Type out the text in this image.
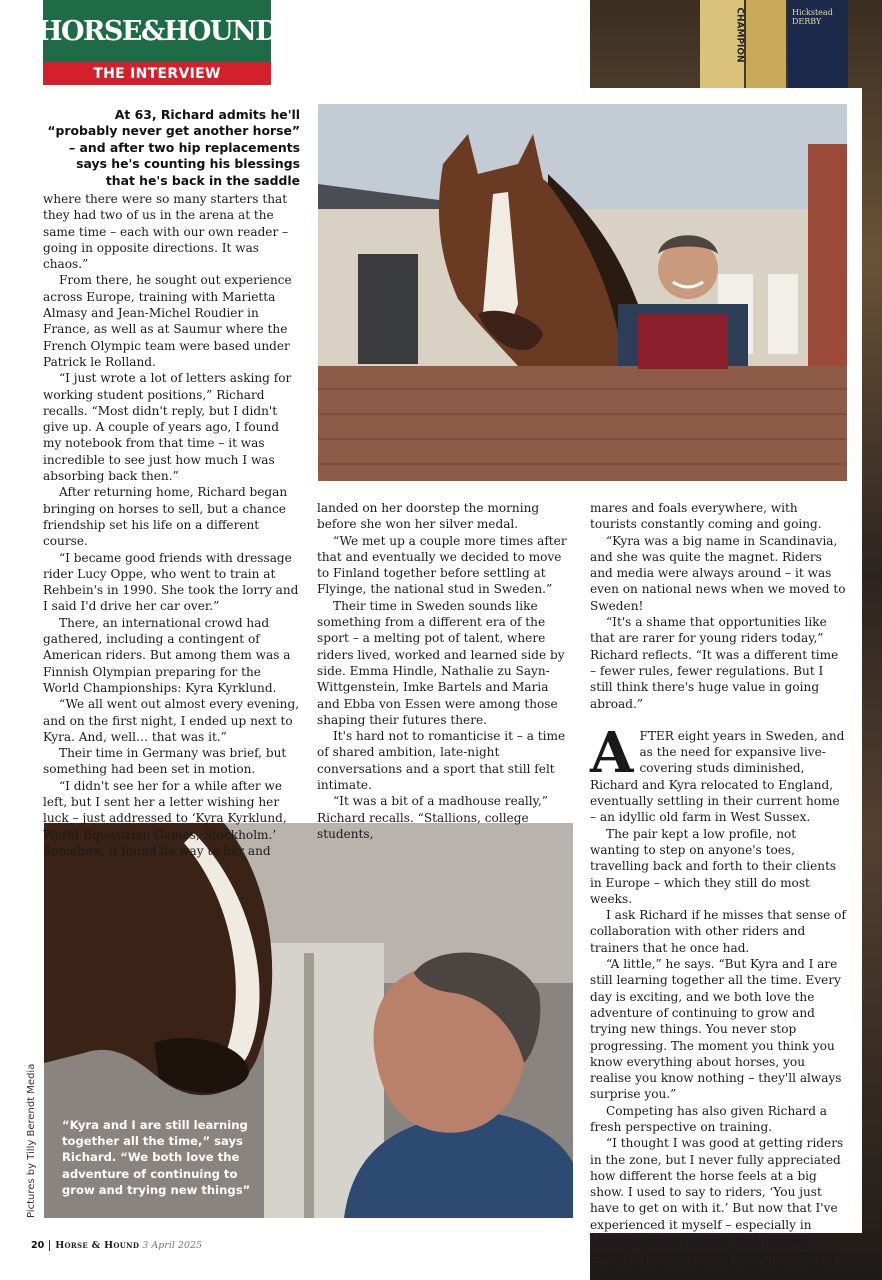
CHAMPION	Hickstead DERBY
HORSE&HOUND
THE INTERVIEW
At 63, Richard admits he'll “probably never get another horse” – and after two hip replacements says he's counting his blessings that he's back in the saddle
“Kyra and I are still learning together all the time,” says Richard. “We both love the adventure of continuing to grow and trying new things”
Pictures by Tilly Berendt Media

where there were so many starters that they had two of us in the arena at the same time – each with our own reader – going in opposite directions. It was chaos.”

From there, he sought out experience across Europe, training with Marietta Almasy and Jean-Michel Roudier in France, as well as at Saumur where the French Olympic team were based under Patrick le Rolland.

“I just wrote a lot of letters asking for working student positions,” Richard recalls. “Most didn't reply, but I didn't give up. A couple of years ago, I found my notebook from that time – it was incredible to see just how much I was absorbing back then.”

After returning home, Richard began bringing on horses to sell, but a chance friendship set his life on a different course.

“I became good friends with dressage rider Lucy Oppe, who went to train at Rehbein's in 1990. She took the lorry and I said I'd drive her car over.”

There, an international crowd had gathered, including a contingent of American riders. But among them was a Finnish Olympian preparing for the World Championships: Kyra Kyrklund.

“We all went out almost every evening, and on the first night, I ended up next to Kyra. And, well… that was it.”

Their time in Germany was brief, but something had been set in motion.

“I didn't see her for a while after we left, but I sent her a letter wishing her luck – just addressed to ‘Kyra Kyrklund, World Equestrian Games, Stockholm.’ Somehow, it found its way to her and

landed on her doorstep the morning before she won her silver medal.

“We met up a couple more times after that and eventually we decided to move to Finland together before settling at Flyinge, the national stud in Sweden.”

Their time in Sweden sounds like something from a different era of the sport – a melting pot of talent, where riders lived, worked and learned side by side. Emma Hindle, Nathalie zu Sayn-Wittgenstein, Imke Bartels and Maria and Ebba von Essen were among those shaping their futures there.

It's hard not to romanticise it – a time of shared ambition, late-night conversations and a sport that still felt intimate.

“It was a bit of a madhouse really,” Richard recalls. “Stallions, college students,

mares and foals everywhere, with tourists constantly coming and going.

“Kyra was a big name in Scandinavia, and she was quite the magnet. Riders and media were always around – it was even on national news when we moved to Sweden!

“It's a shame that opportunities like that are rarer for young riders today,” Richard reflects. “It was a different time – fewer rules, fewer regulations. But I still think there's huge value in going abroad.”

AFTER eight years in Sweden, and as the need for expansive live-covering studs diminished, Richard and Kyra relocated to England, eventually settling in their current home – an idyllic old farm in West Sussex.

The pair kept a low profile, not wanting to step on anyone's toes, travelling back and forth to their clients in Europe – which they still do most weeks.

I ask Richard if he misses that sense of collaboration with other riders and trainers that he once had.

“A little,” he says. “But Kyra and I are still learning together all the time. Every day is exciting, and we both love the adventure of continuing to grow and trying new things. You never stop progressing. The moment you think you know everything about horses, you realise you know nothing – they'll always surprise you.”

Competing has also given Richard a fresh perspective on training.

“I thought I was good at getting riders in the zone, but I never fully appreciated how different the horse feels at a big show. I used to say to riders, ‘You just have to get on with it.’ But now that I've experienced it myself – especially in London, going through that massive tunnel – I found myself thinking, ‘Oh my God, what have I been telling them?’”

20	Horse & Hound 3 April 2025
